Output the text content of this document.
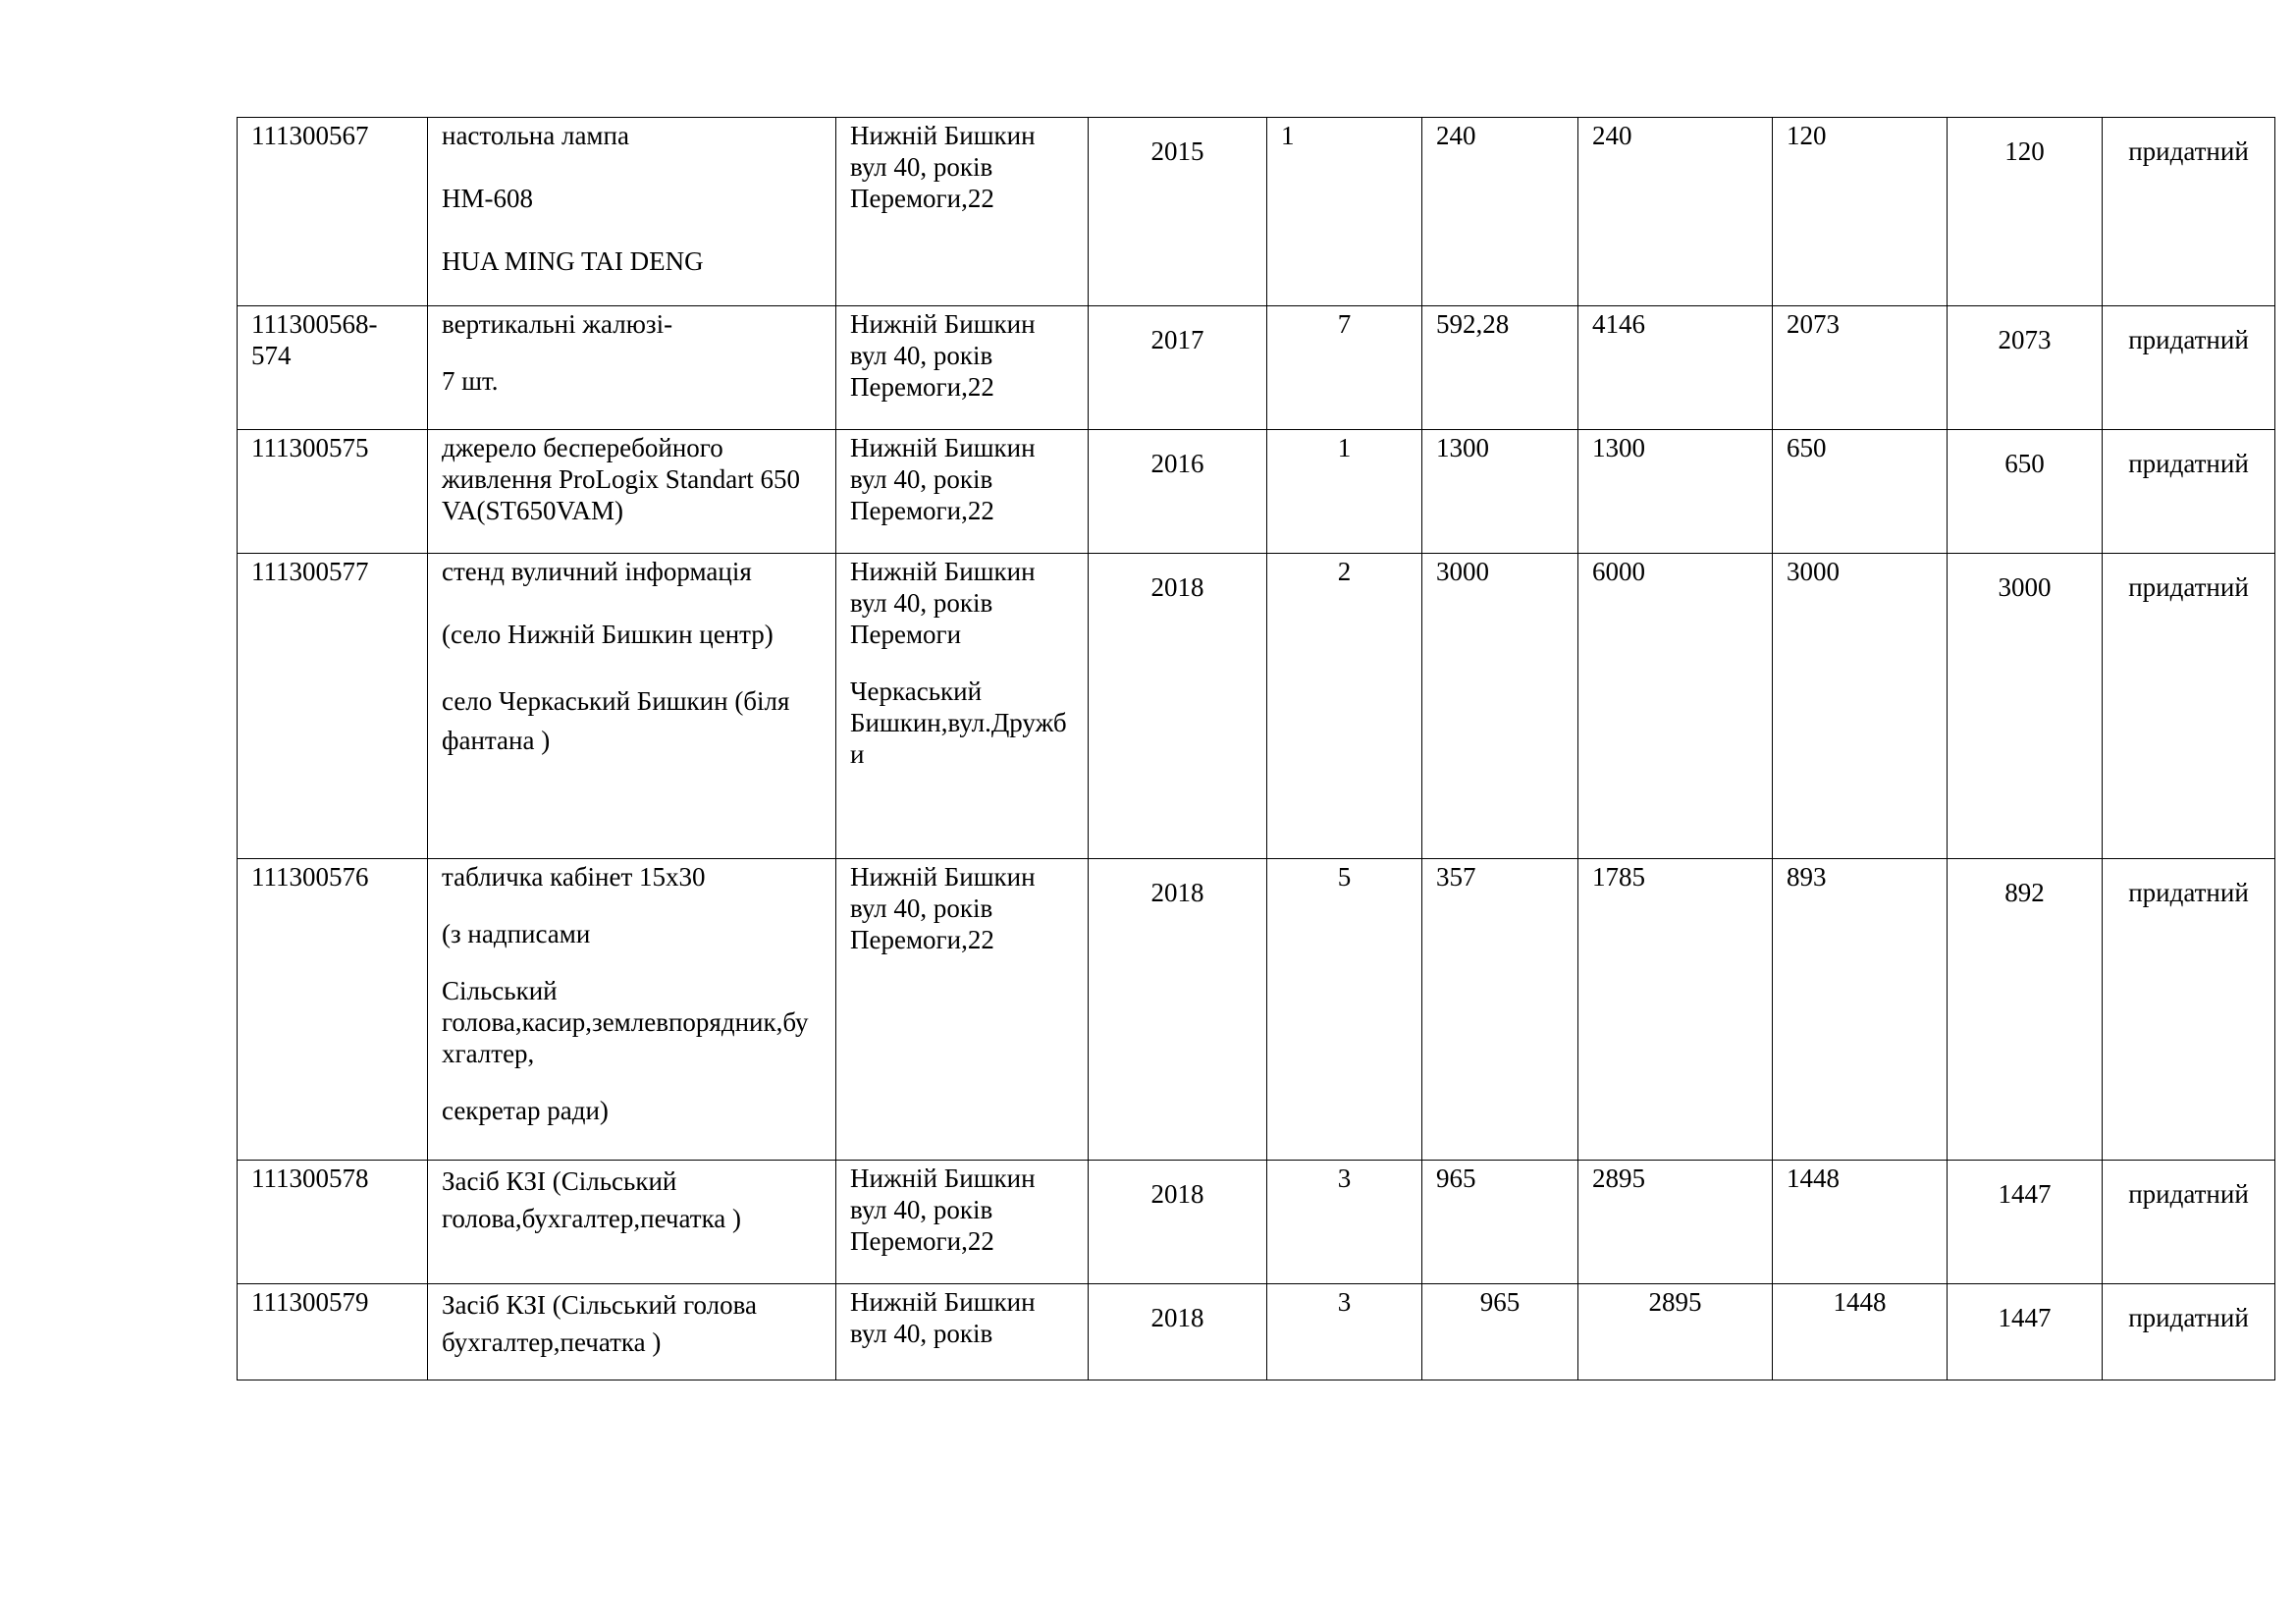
111300567	настольна лампа
HM-608
HUA MING TAI DENG	Нижній Бишкин
вул 40, років
Перемоги,22	2015	1	240	240	120	120	придатний

111300568-574	вертикальні жалюзі-
7 шт.	Нижній Бишкин
вул 40, років
Перемоги,22	2017	7	592,28	4146	2073	2073	придатний

111300575	джерело бесперебойного живлення ProLogix Standart 650 VA(ST650VAM)	Нижній Бишкин
вул 40, років
Перемоги,22	2016	1	1300	1300	650	650	придатний

111300577	стенд вуличний інформація
(село Нижній Бишкин центр)
село Черкаський Бишкин (біля фантана )	Нижній Бишкин
вул 40, років
Перемоги
Черкаський Бишкин,вул.Дружби	2018	2	3000	6000	3000	3000	придатний

111300576	табличка кабінет 15х30
(з надписами
Сільський голова,касир,землевпорядник,бухгалтер,
секретар ради)	Нижній Бишкин
вул 40, років
Перемоги,22	2018	5	357	1785	893	892	придатний

111300578	Засіб КЗІ (Сільський голова,бухгалтер,печатка )	Нижній Бишкин
вул 40, років
Перемоги,22	2018	3	965	2895	1448	1447	придатний

111300579	Засіб КЗІ (Сільський голова бухгалтер,печатка )	Нижній Бишкин
вул 40, років	2018	3	965	2895	1448	1447	придатний
